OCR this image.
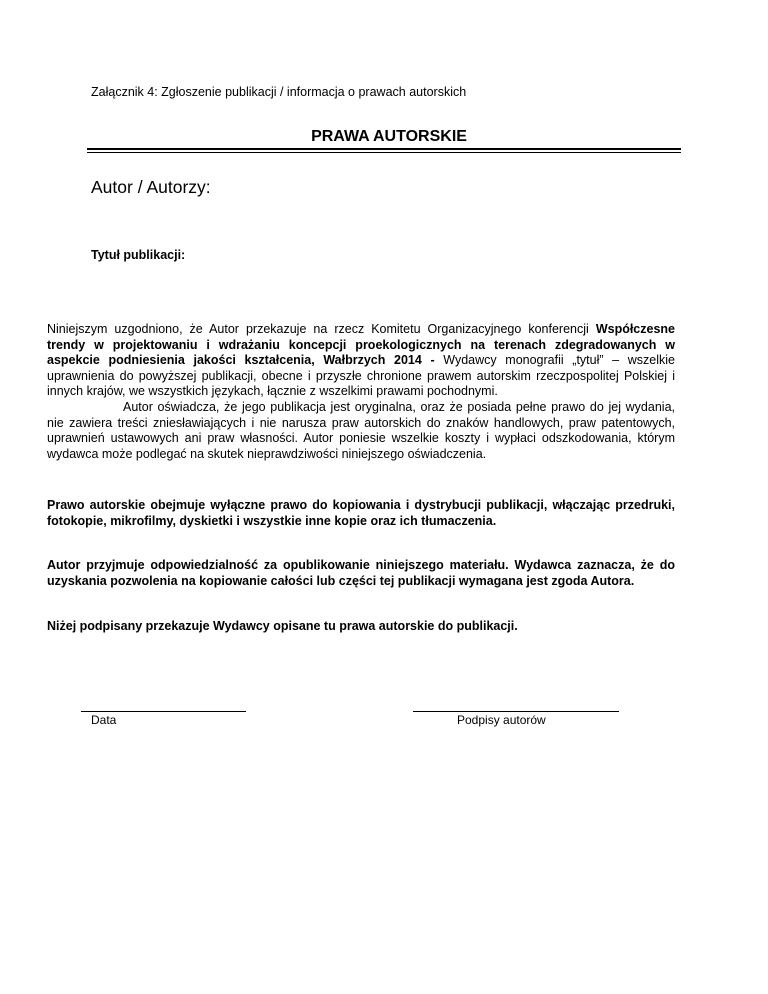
Załącznik 4: Zgłoszenie publikacji / informacja o prawach autorskich
PRAWA AUTORSKIE
Autor / Autorzy:
Tytuł publikacji:

Niniejszym uzgodniono, że Autor przekazuje na rzecz Komitetu Organizacyjnego konferencji Współczesne trendy w projektowaniu i wdrażaniu koncepcji proekologicznych na terenach zdegradowanych w aspekcie podniesienia jakości kształcenia, Wałbrzych 2014 - Wydawcy monografii „tytuł” – wszelkie uprawnienia do powyższej publikacji, obecne i przyszłe chronione prawem autorskim rzeczpospolitej Polskiej i innych krajów, we wszystkich językach, łącznie z wszelkimi prawami pochodnymi.

Autor oświadcza, że jego publikacja jest oryginalna, oraz że posiada pełne prawo do jej wydania, nie zawiera treści zniesławiających i nie narusza praw autorskich do znaków handlowych, praw patentowych, uprawnień ustawowych ani praw własności. Autor poniesie wszelkie koszty i wypłaci odszkodowania, którym wydawca może podlegać na skutek nieprawdziwości niniejszego oświadczenia.

Prawo autorskie obejmuje wyłączne prawo do kopiowania i dystrybucji publikacji, włączając przedruki, fotokopie, mikrofilmy, dyskietki i wszystkie inne kopie oraz ich tłumaczenia.
Autor przyjmuje odpowiedzialność za opublikowanie niniejszego materiału. Wydawca zaznacza, że do uzyskania pozwolenia na kopiowanie całości lub części tej publikacji wymagana jest zgoda Autora.
Niżej podpisany przekazuje Wydawcy opisane tu prawa autorskie do publikacji.
Data	Podpisy autorów
